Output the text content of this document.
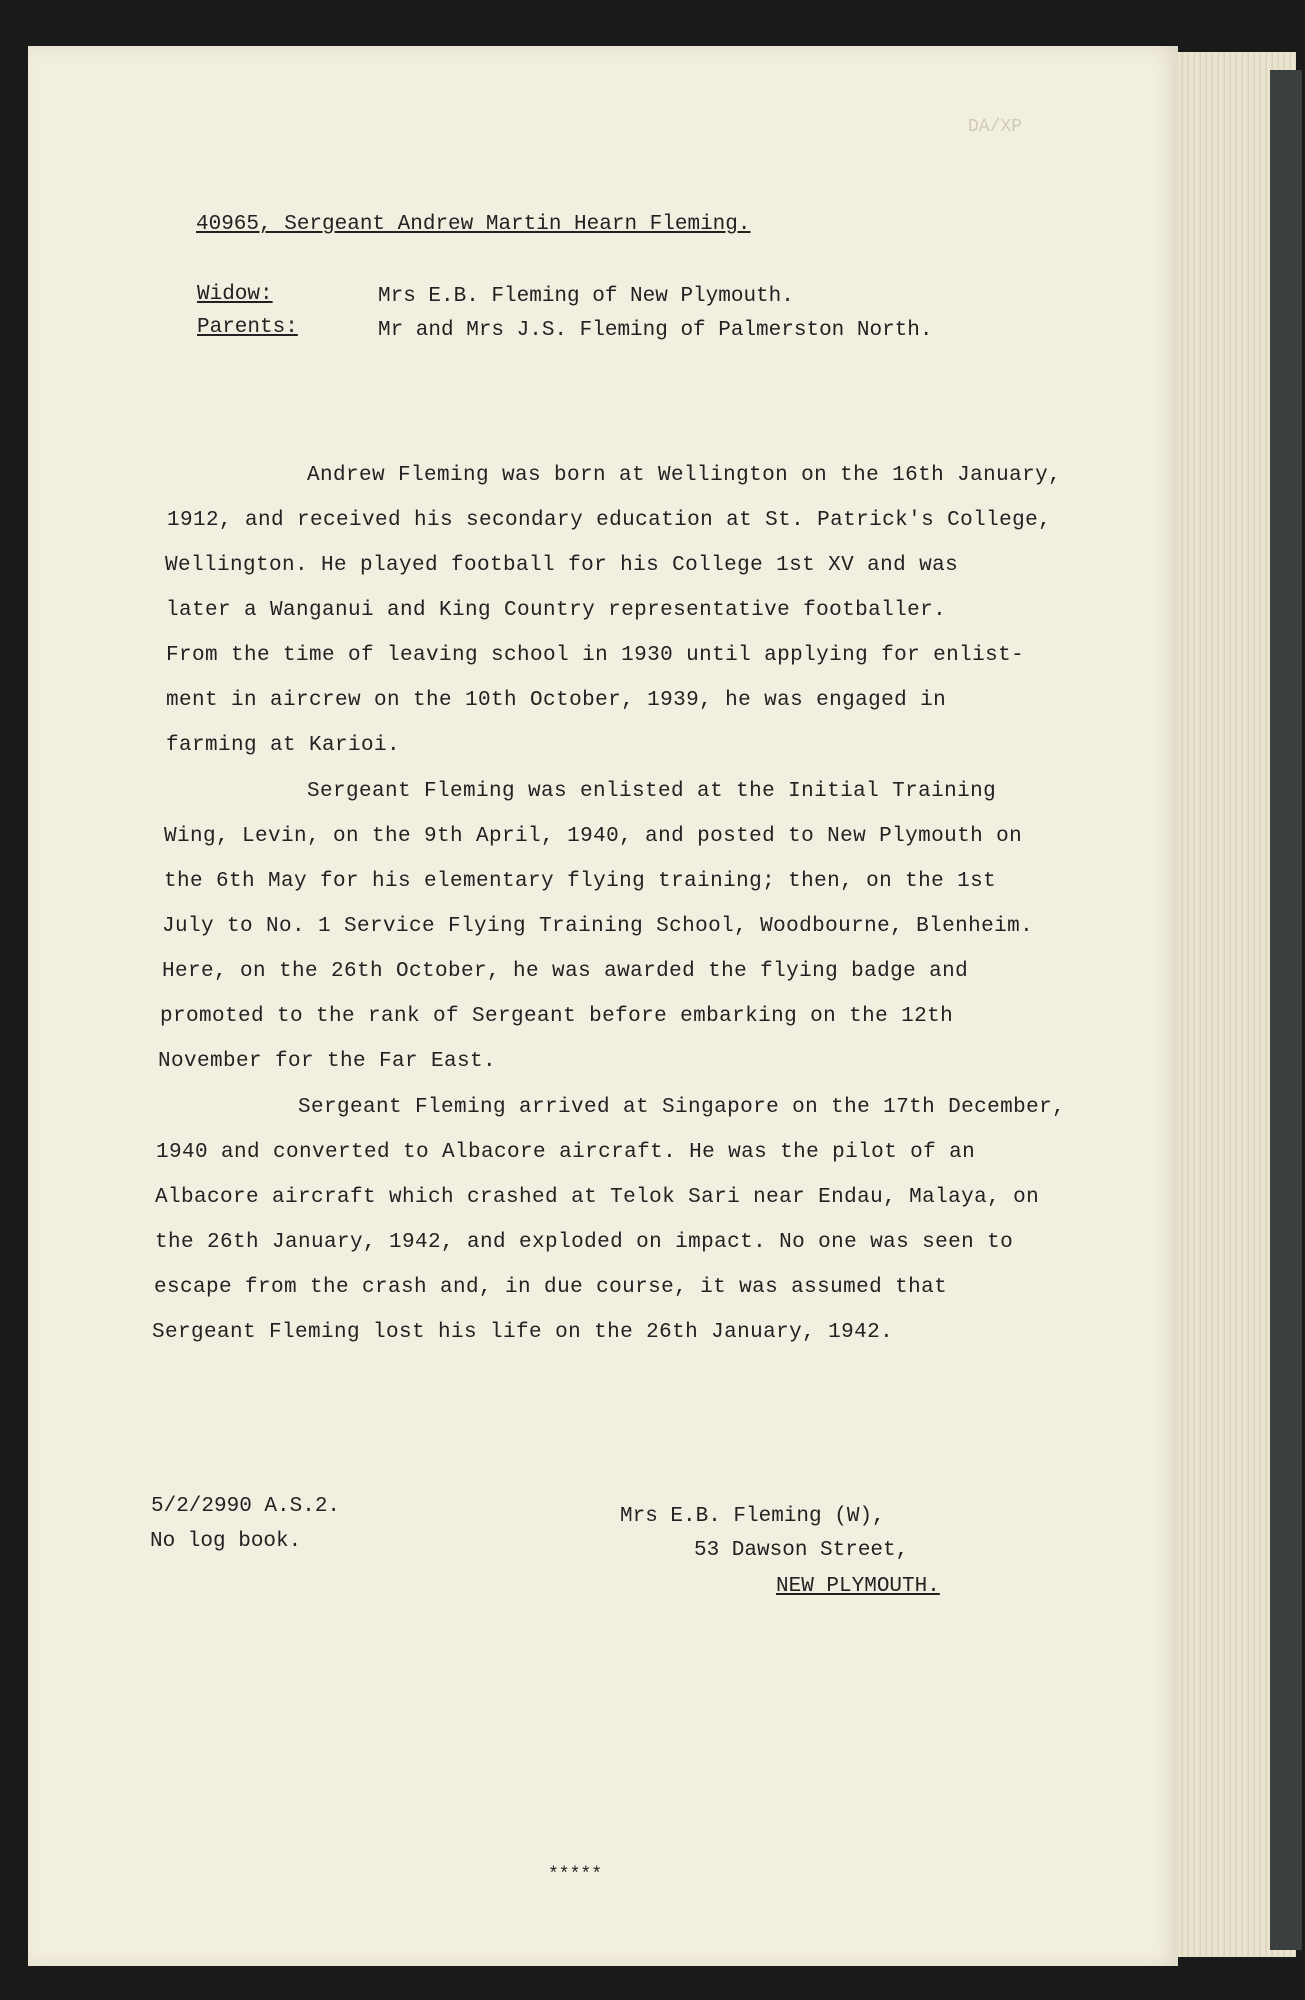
40965, Sergeant Andrew Martin Hearn Fleming.
Widow:	Mrs E.B. Fleming of New Plymouth.
Parents:	Mr and Mrs J.S. Fleming of Palmerston North.
Andrew Fleming was born at Wellington on the 16th January,
1912, and received his secondary education at St. Patrick's College,
Wellington. He played football for his College 1st XV and was
later a Wanganui and King Country representative footballer.
From the time of leaving school in 1930 until applying for enlist-
ment in aircrew on the 10th October, 1939, he was engaged in
farming at Karioi.
Sergeant Fleming was enlisted at the Initial Training
Wing, Levin, on the 9th April, 1940, and posted to New Plymouth on
the 6th May for his elementary flying training; then, on the 1st
July to No. 1 Service Flying Training School, Woodbourne, Blenheim.
Here, on the 26th October, he was awarded the flying badge and
promoted to the rank of Sergeant before embarking on the 12th
November for the Far East.
Sergeant Fleming arrived at Singapore on the 17th December,
1940 and converted to Albacore aircraft. He was the pilot of an
Albacore aircraft which crashed at Telok Sari near Endau, Malaya, on
the 26th January, 1942, and exploded on impact. No one was seen to
escape from the crash and, in due course, it was assumed that
Sergeant Fleming lost his life on the 26th January, 1942.
5/2/2990 A.S.2.
No log book.
Mrs E.B. Fleming (W),
53 Dawson Street,
NEW PLYMOUTH.
*****
DA/XP
